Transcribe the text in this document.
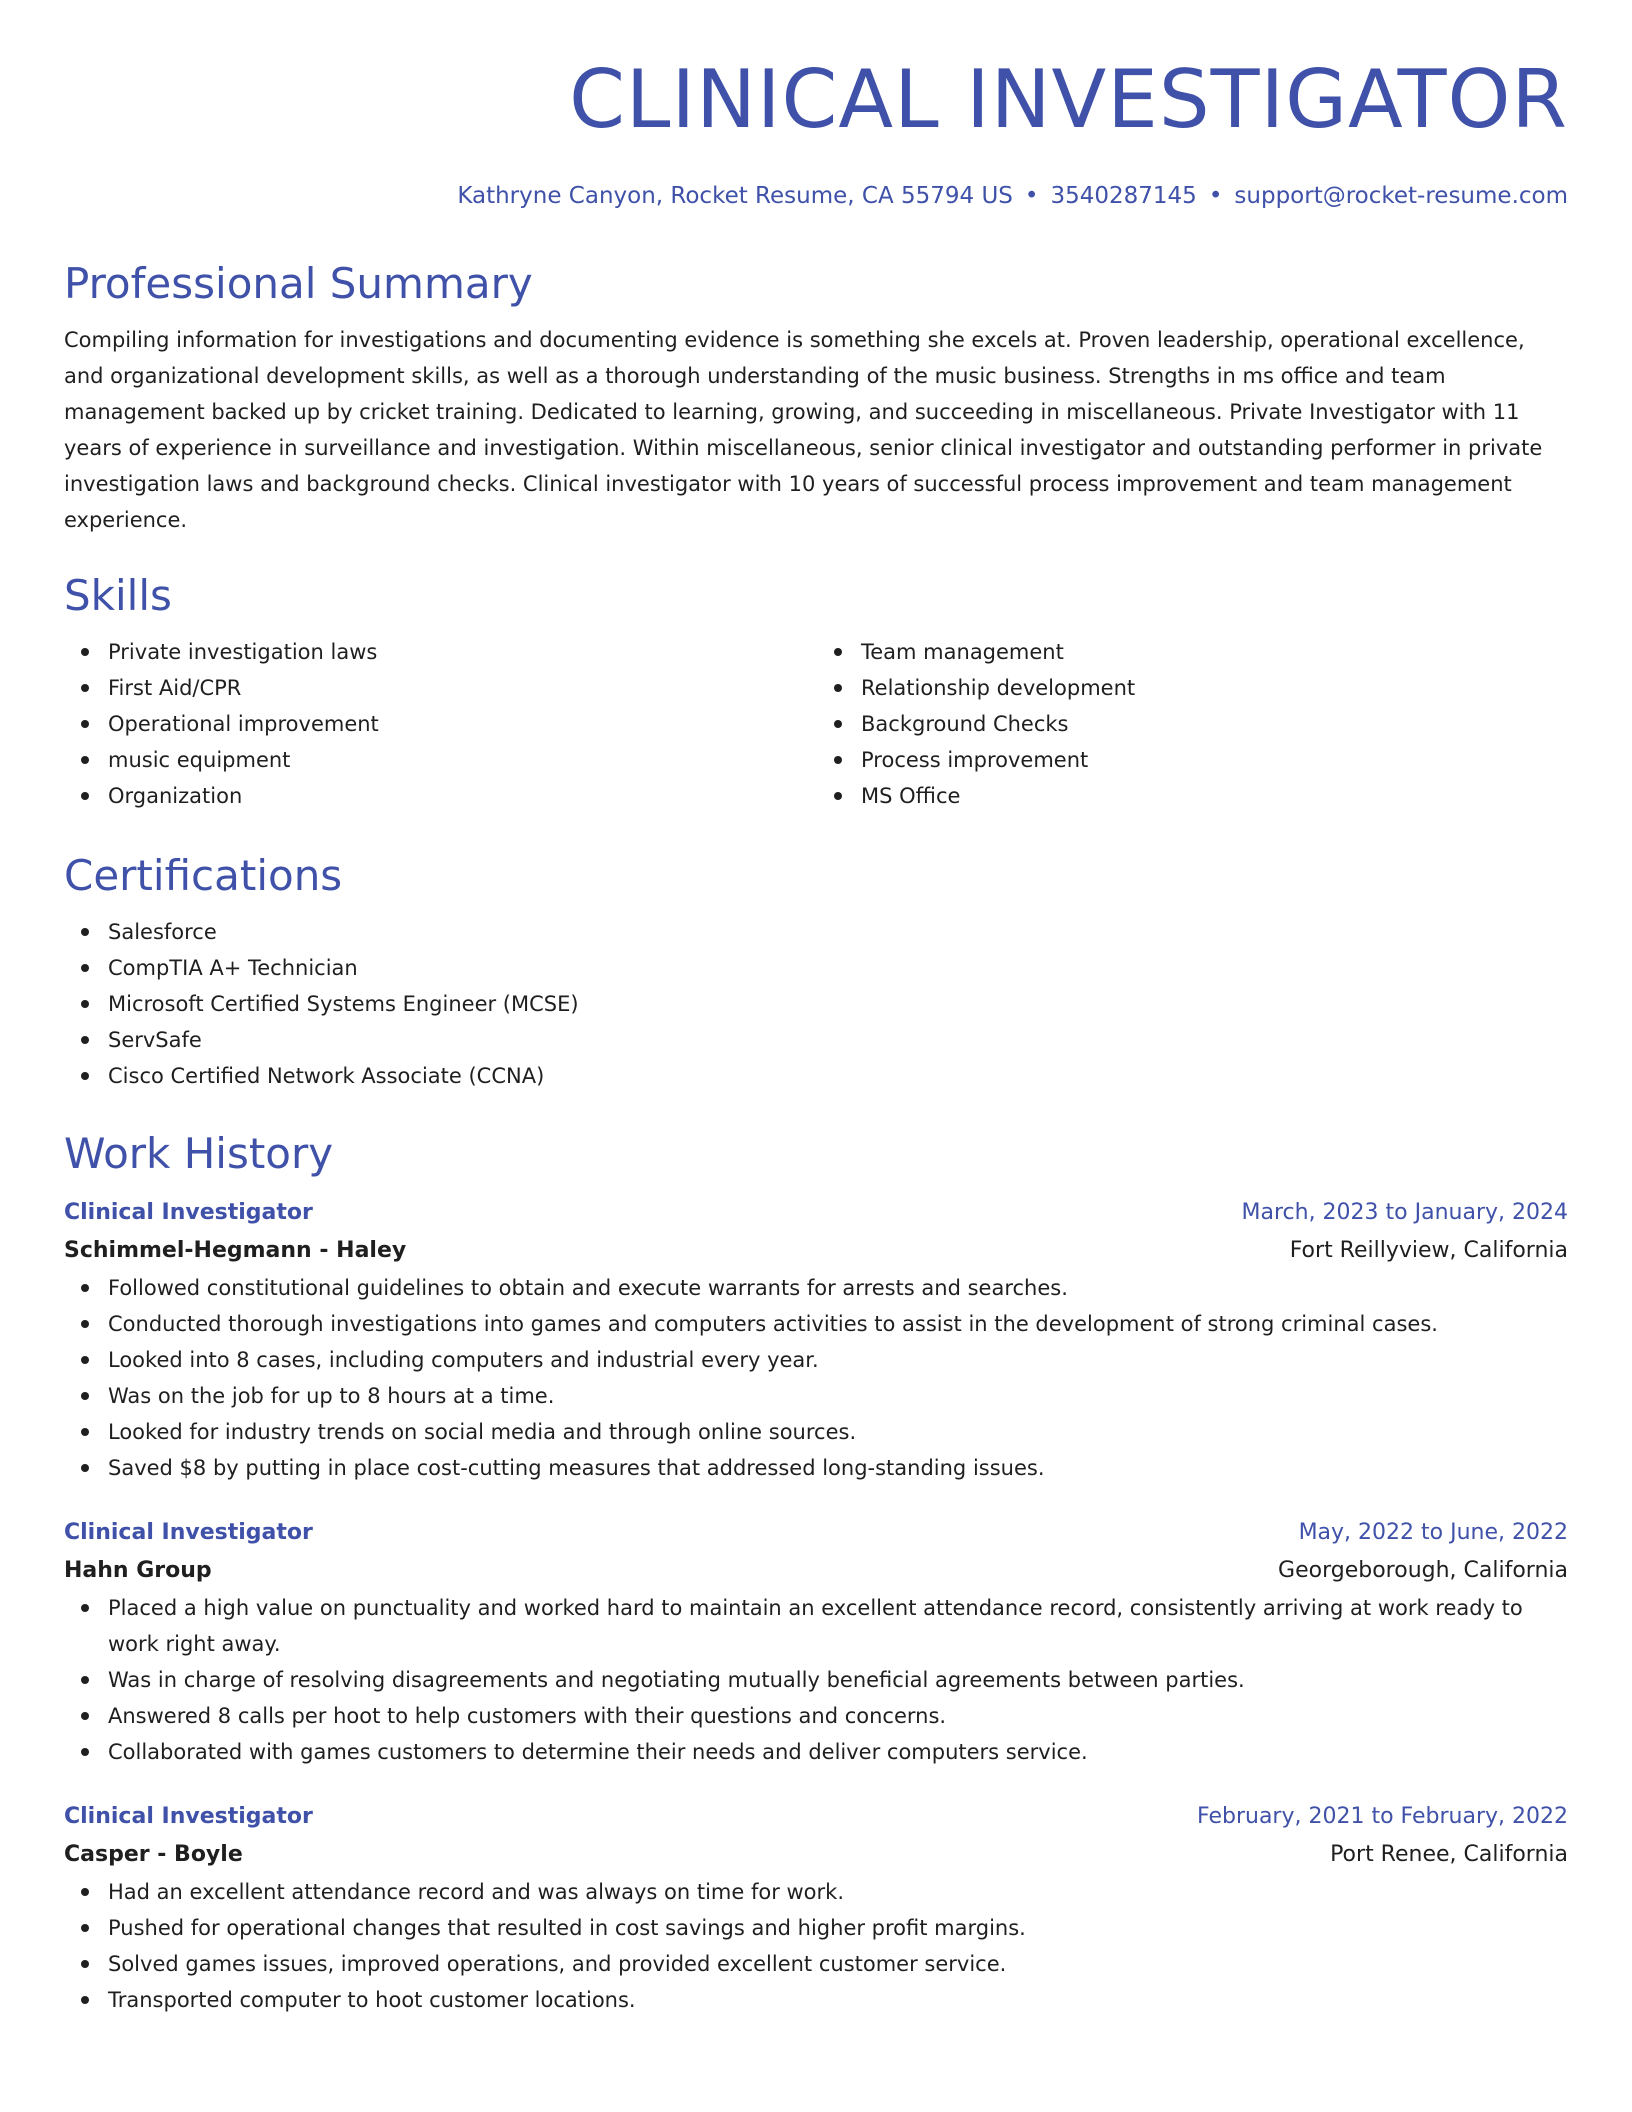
CLINICAL INVESTIGATOR
Kathryne Canyon, Rocket Resume, CA 55794 US • 3540287145 • support@rocket-resume.com
Professional Summary

Compiling information for investigations and documenting evidence is something she excels at. Proven leadership, operational excellence, and organizational development skills, as well as a thorough understanding of the music business. Strengths in ms office and team management backed up by cricket training. Dedicated to learning, growing, and succeeding in miscellaneous. Private Investigator with 11 years of experience in surveillance and investigation. Within miscellaneous, senior clinical investigator and outstanding performer in private investigation laws and background checks. Clinical investigator with 10 years of successful process improvement and team management experience.

Skills
Private investigation laws
First Aid/CPR
Operational improvement
music equipment
Organization
Team management
Relationship development
Background Checks
Process improvement
MS Office
Certifications
Salesforce
CompTIA A+ Technician
Microsoft Certified Systems Engineer (MCSE)
ServSafe
Cisco Certified Network Associate (CCNA)
Work History
Clinical Investigator	March, 2023 to January, 2024
Schimmel-Hegmann - Haley	Fort Reillyview, California
Followed constitutional guidelines to obtain and execute warrants for arrests and searches.
Conducted thorough investigations into games and computers activities to assist in the development of strong criminal cases.
Looked into 8 cases, including computers and industrial every year.
Was on the job for up to 8 hours at a time.
Looked for industry trends on social media and through online sources.
Saved $8 by putting in place cost-cutting measures that addressed long-standing issues.
Clinical Investigator	May, 2022 to June, 2022
Hahn Group	Georgeborough, California
Placed a high value on punctuality and worked hard to maintain an excellent attendance record, consistently arriving at work ready to work right away.
Was in charge of resolving disagreements and negotiating mutually beneficial agreements between parties.
Answered 8 calls per hoot to help customers with their questions and concerns.
Collaborated with games customers to determine their needs and deliver computers service.
Clinical Investigator	February, 2021 to February, 2022
Casper - Boyle	Port Renee, California
Had an excellent attendance record and was always on time for work.
Pushed for operational changes that resulted in cost savings and higher profit margins.
Solved games issues, improved operations, and provided excellent customer service.
Transported computer to hoot customer locations.
